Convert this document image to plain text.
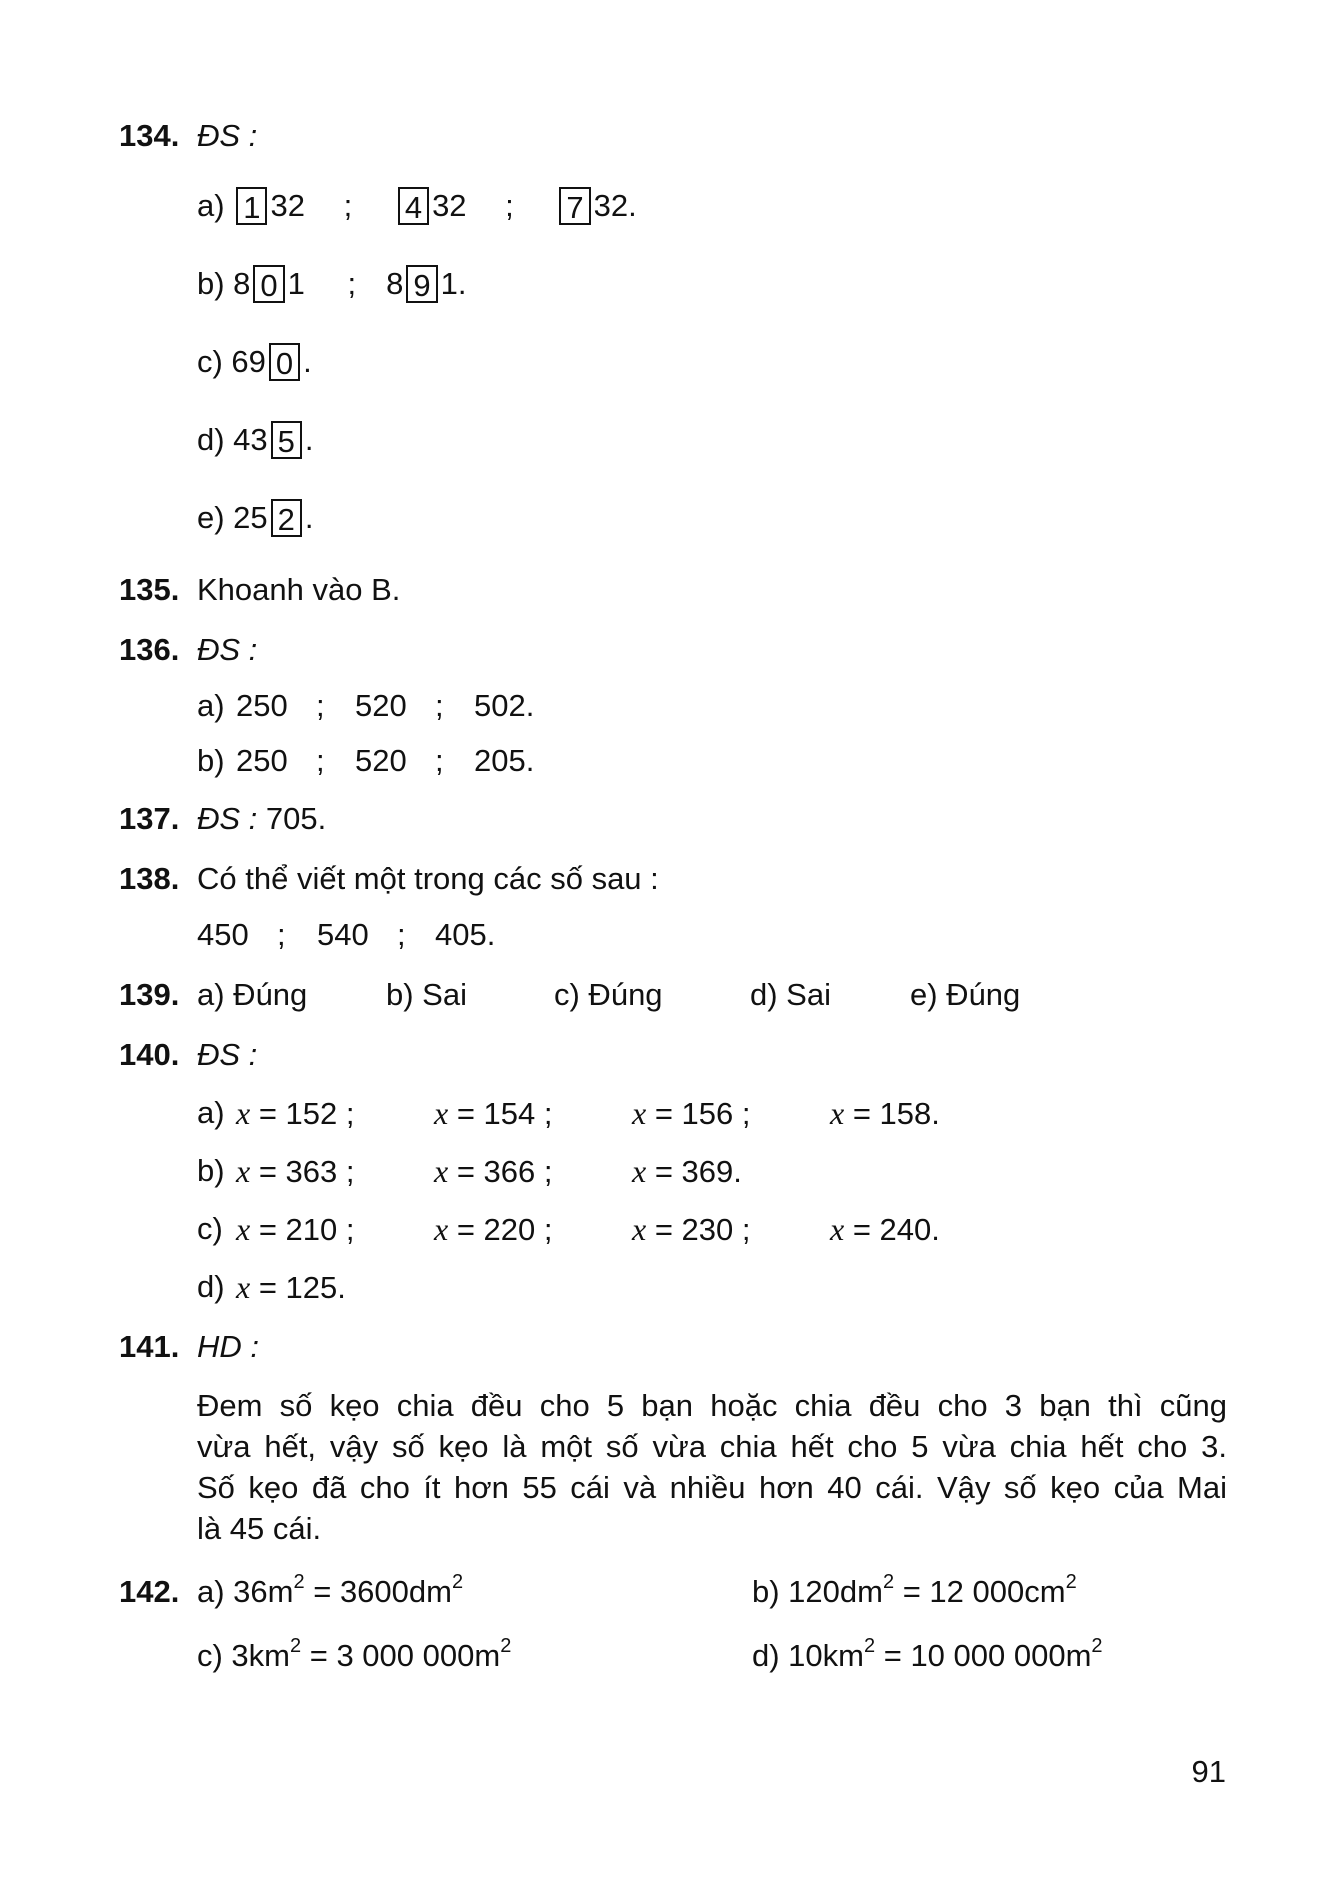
134. ĐS :
a) 1 32 ; 4 32 ; 7 32.
b) 8 0 1 ; 8 9 1.
c) 69 0 .
d) 43 5 .
e) 25 2 .
135. Khoanh vào B.
136. ĐS :
a) 250 ; 520 ; 502.
b) 250 ; 520 ; 205.
137. ĐS : 705.
138. Có thể viết một trong các số sau :
450 ; 540 ; 405.
139. a) Đúng	b) Sai	c) Đúng	d) Sai	e) Đúng
140. ĐS :
a) x = 152 ; x = 154 ; x = 156 ; x = 158.
b) x = 363 ; x = 366 ; x = 369.
c) x = 210 ; x = 220 ; x = 230 ; x = 240.
d) x = 125.
141. HD :
Đem số kẹo chia đều cho 5 bạn hoặc chia đều cho 3 bạn thì cũng
vừa hết, vậy số kẹo là một số vừa chia hết cho 5 vừa chia hết cho 3.
Số kẹo đã cho ít hơn 55 cái và nhiều hơn 40 cái. Vậy số kẹo của Mai
là 45 cái.
142. a) $36m^2 = 3600dm^2$	b) $120dm^2 = 12$ $000cm^2$
c) $3km^2 = 3$ 000 $000m^2$	d) $10km^2 = 10$ 000 $000m^2$
91
